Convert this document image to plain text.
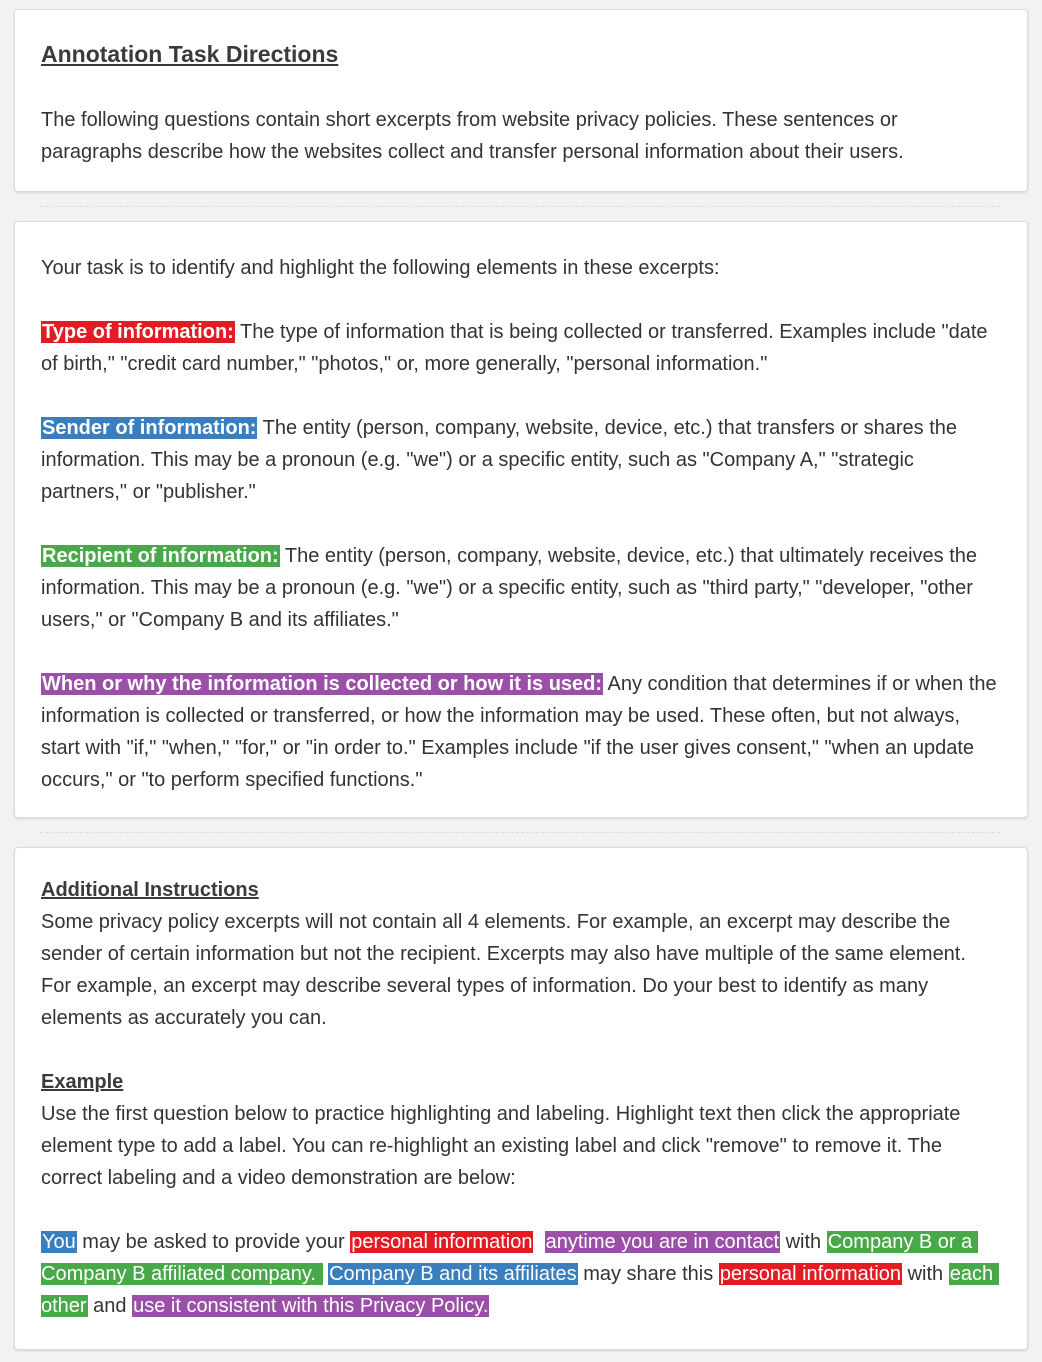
Annotation Task Directions

The following questions contain short excerpts from website privacy policies. These sentences or paragraphs describe how the websites collect and transfer personal information about their users.

Your task is to identify and highlight the following elements in these excerpts:

Type of information: The type of information that is being collected or transferred. Examples include "date of birth," "credit card number," "photos," or, more generally, "personal information."

Sender of information: The entity (person, company, website, device, etc.) that transfers or shares the information. This may be a pronoun (e.g. "we") or a specific entity, such as "Company A," "strategic partners," or "publisher."

Recipient of information: The entity (person, company, website, device, etc.) that ultimately receives the information. This may be a pronoun (e.g. "we") or a specific entity, such as "third party," "developer, "other users," or "Company B and its affiliates."

When or why the information is collected or how it is used: Any condition that determines if or when the information is collected or transferred, or how the information may be used. These often, but not always, start with "if," "when," "for," or "in order to." Examples include "if the user gives consent," "when an update occurs," or "to perform specified functions."

Additional Instructions

Some privacy policy excerpts will not contain all 4 elements. For example, an excerpt may describe the sender of certain information but not the recipient. Excerpts may also have multiple of the same element. For example, an excerpt may describe several types of information. Do your best to identify as many elements as accurately you can.

Example

Use the first question below to practice highlighting and labeling. Highlight text then click the appropriate element type to add a label. You can re-highlight an existing label and click "remove" to remove it. The correct labeling and a video demonstration are below:

You may be asked to provide your personal information anytime you are in contact with Company B or a Company B affiliated company.  Company B and its affiliates may share this personal information with each other and use it consistent with this Privacy Policy.
